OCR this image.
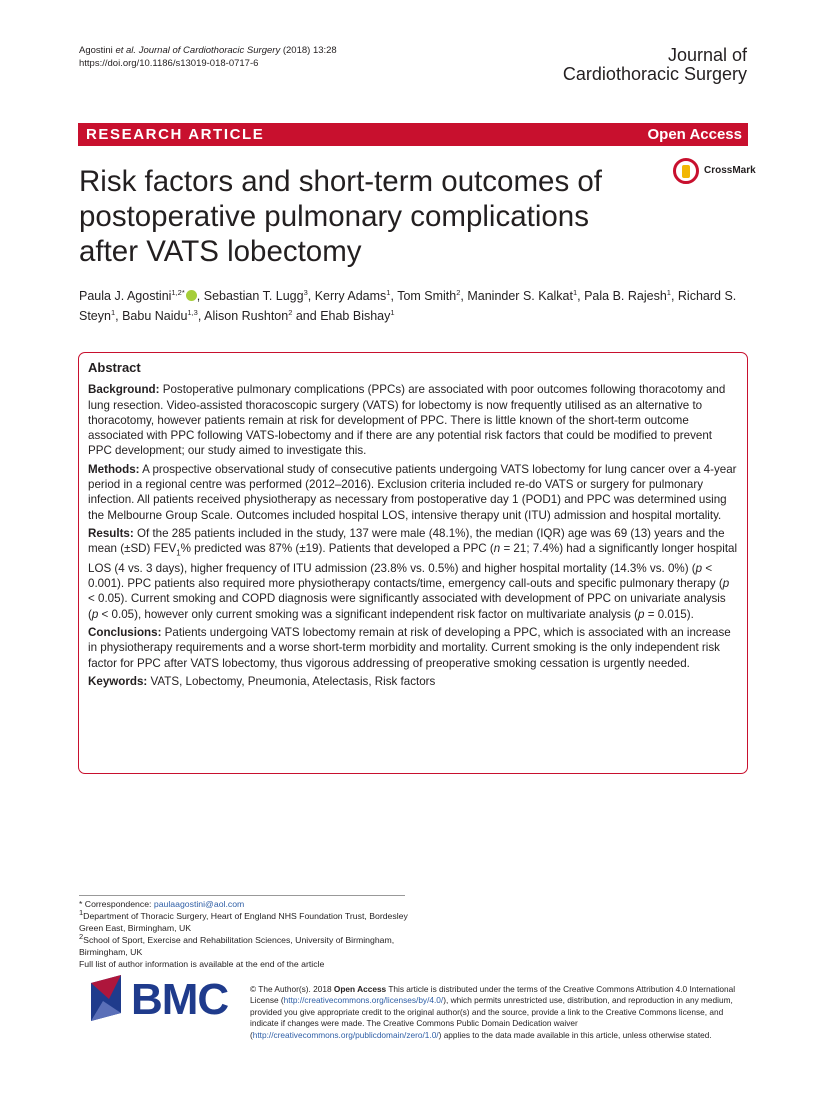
Agostini et al. Journal of Cardiothoracic Surgery (2018) 13:28
https://doi.org/10.1186/s13019-018-0717-6	Journal of
Cardiothoracic Surgery
RESEARCH ARTICLE	Open Access
CrossMark
Risk factors and short-term outcomes of postoperative pulmonary complications after VATS lobectomy
Paula J. Agostini$^{1,2*}$ , Sebastian T. Lugg$^3$, Kerry Adams$^1$, Tom Smith$^2$, Maninder S. Kalkat$^1$, Pala B. Rajesh$^1$, Richard S. Steyn$^1$, Babu Naidu$^{1,3}$, Alison Rushton$^2$ and Ehab Bishay$^1$
Abstract

Background: Postoperative pulmonary complications (PPCs) are associated with poor outcomes following thoracotomy and lung resection. Video-assisted thoracoscopic surgery (VATS) for lobectomy is now frequently utilised as an alternative to thoracotomy, however patients remain at risk for development of PPC. There is little known of the short-term outcome associated with PPC following VATS-lobectomy and if there are any potential risk factors that could be modified to prevent PPC development; our study aimed to investigate this.

Methods: A prospective observational study of consecutive patients undergoing VATS lobectomy for lung cancer over a 4-year period in a regional centre was performed (2012–2016). Exclusion criteria included re-do VATS or surgery for pulmonary infection. All patients received physiotherapy as necessary from postoperative day 1 (POD1) and PPC was determined using the Melbourne Group Scale. Outcomes included hospital LOS, intensive therapy unit (ITU) admission and hospital mortality.

Results: Of the 285 patients included in the study, 137 were male (48.1%), the median (IQR) age was 69 (13) years and the mean (±SD) $FEV_1\%$ predicted was 87% (±19). Patients that developed a PPC (n = 21; 7.4%) had a significantly longer hospital LOS (4 vs. 3 days), higher frequency of ITU admission (23.8% vs. 0.5%) and higher hospital mortality (14.3% vs. 0%) (p < 0.001). PPC patients also required more physiotherapy contacts/time, emergency call-outs and specific pulmonary therapy (p < 0.05). Current smoking and COPD diagnosis were significantly associated with development of PPC on univariate analysis (p < 0.05), however only current smoking was a significant independent risk factor on multivariate analysis (p = 0.015).

Conclusions: Patients undergoing VATS lobectomy remain at risk of developing a PPC, which is associated with an increase in physiotherapy requirements and a worse short-term morbidity and mortality. Current smoking is the only independent risk factor for PPC after VATS lobectomy, thus vigorous addressing of preoperative smoking cessation is urgently needed.

Keywords: VATS, Lobectomy, Pneumonia, Atelectasis, Risk factors

* Correspondence: paulaagostini@aol.com
$^1$Department of Thoracic Surgery, Heart of England NHS Foundation Trust, Bordesley Green East, Birmingham, UK
$^2$School of Sport, Exercise and Rehabilitation Sciences, University of Birmingham, Birmingham, UK
Full list of author information is available at the end of the article
BMC	© The Author(s). 2018 Open Access This article is distributed under the terms of the Creative Commons Attribution 4.0 International License (http://creativecommons.org/licenses/by/4.0/), which permits unrestricted use, distribution, and reproduction in any medium, provided you give appropriate credit to the original author(s) and the source, provide a link to the Creative Commons license, and indicate if changes were made. The Creative Commons Public Domain Dedication waiver (http://creativecommons.org/publicdomain/zero/1.0/) applies to the data made available in this article, unless otherwise stated.
